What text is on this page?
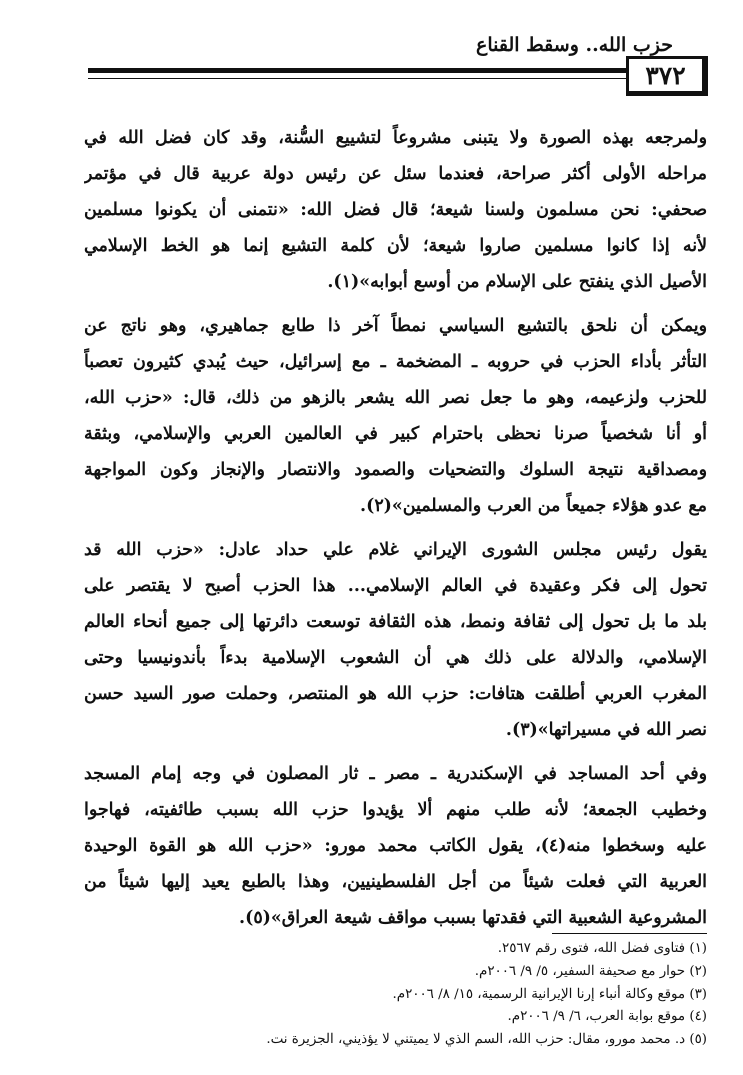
حزب الله.. وسقط القناع
٣٧٢
ولمرجعه بهذه الصورة ولا يتبنى مشروعاً لتشييع السُّنة، وقد كان فضل الله في
مراحله الأولى أكثر صراحة، فعندما سئل عن رئيس دولة عربية قال في مؤتمر
صحفي: نحن مسلمون ولسنا شيعة؛ قال فضل الله: «نتمنى أن يكونوا مسلمين
لأنه إذا كانوا مسلمين صاروا شيعة؛ لأن كلمة التشيع إنما هو الخط الإسلامي
الأصيل الذي ينفتح على الإسلام من أوسع أبوابه»(١).
ويمكن أن نلحق بالتشيع السياسي نمطاً آخر ذا طابع جماهيري، وهو ناتج عن
التأثر بأداء الحزب في حروبه ـ المضخمة ـ مع إسرائيل، حيث يُبدي كثيرون تعصباً
للحزب ولزعيمه، وهو ما جعل نصر الله يشعر بالزهو من ذلك، قال: «حزب الله،
أو أنا شخصياً صرنا نحظى باحترام كبير في العالمين العربي والإسلامي، وبثقة
ومصداقية نتيجة السلوك والتضحيات والصمود والانتصار والإنجاز وكون المواجهة
مع عدو هؤلاء جميعاً من العرب والمسلمين»(٢).
يقول رئيس مجلس الشورى الإيراني غلام علي حداد عادل: «حزب الله قد
تحول إلى فكر وعقيدة في العالم الإسلامي... هذا الحزب أصبح لا يقتصر على
بلد ما بل تحول إلى ثقافة ونمط، هذه الثقافة توسعت دائرتها إلى جميع أنحاء العالم
الإسلامي، والدلالة على ذلك هي أن الشعوب الإسلامية بدءاً بأندونيسيا وحتى
المغرب العربي أطلقت هتافات: حزب الله هو المنتصر، وحملت صور السيد حسن
نصر الله في مسيراتها»(٣).
وفي أحد المساجد في الإسكندرية ـ مصر ـ ثار المصلون في وجه إمام المسجد
وخطيب الجمعة؛ لأنه طلب منهم ألا يؤيدوا حزب الله بسبب طائفيته، فهاجوا
عليه وسخطوا منه(٤)، يقول الكاتب محمد مورو: «حزب الله هو القوة الوحيدة
العربية التي فعلت شيئاً من أجل الفلسطينيين، وهذا بالطبع يعيد إليها شيئاً من
المشروعية الشعبية التي فقدتها بسبب مواقف شيعة العراق»(٥).
(١) فتاوى فضل الله، فتوى رقم ٢٥٦٧.
(٢) حوار مع صحيفة السفير، ٥/ ٩/ ٢٠٠٦م.
(٣) موقع وكالة أنباء إرنا الإيرانية الرسمية، ١٥/ ٨/ ٢٠٠٦م.
(٤) موقع بوابة العرب، ٦/ ٩/ ٢٠٠٦م.
(٥) د. محمد مورو، مقال: حزب الله، السم الذي لا يميتني لا يؤذيني، الجزيرة نت.
